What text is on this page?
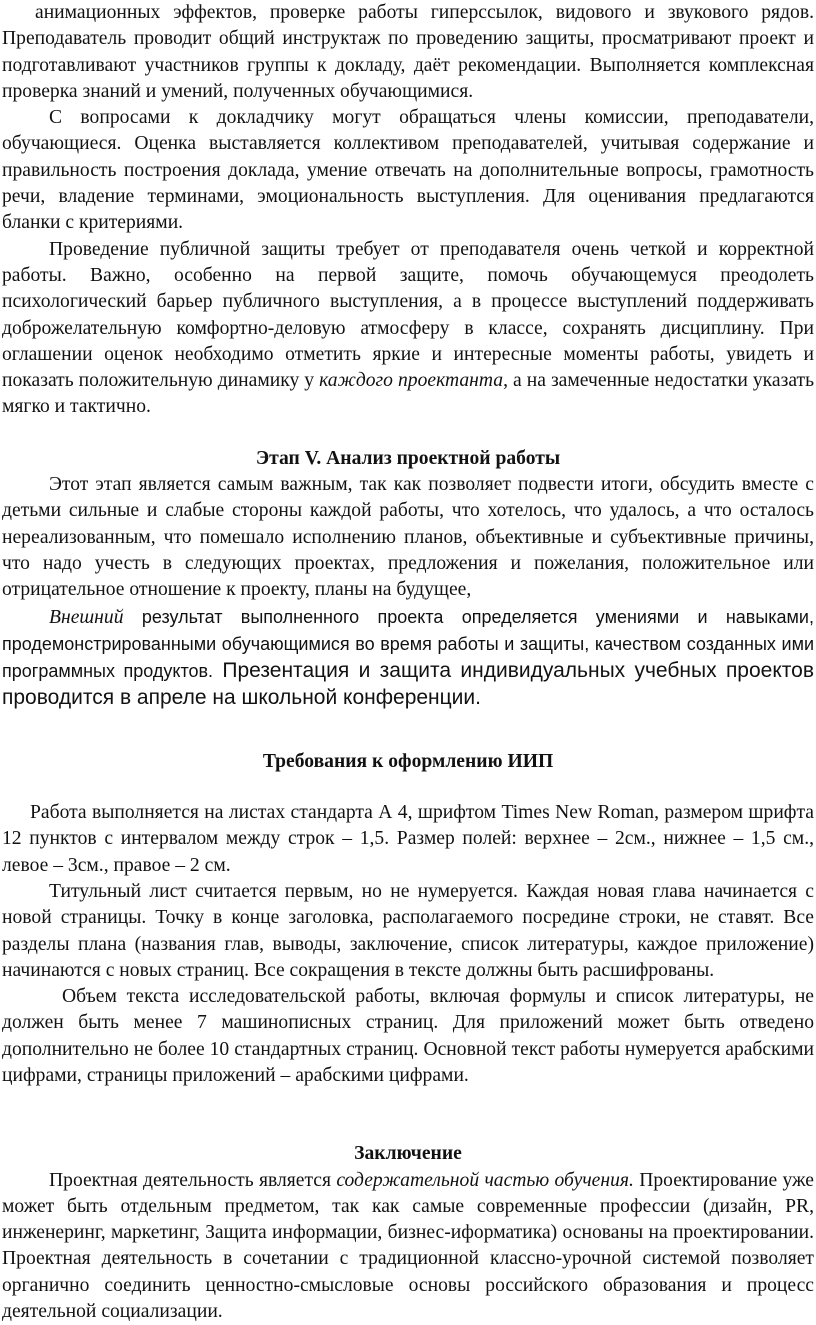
анимационных эффектов, проверке работы гиперссылок, видового и звукового рядов. Преподаватель проводит общий инструктаж по проведению защиты, просматривают проект и подготавливают участников группы к докладу, даёт рекомендации. Выполняется комплексная проверка знаний и умений, полученных обучающимися.

С вопросами к докладчику могут обращаться члены комиссии, преподаватели, обучающиеся. Оценка выставляется коллективом преподавателей, учитывая содержание и правильность построения доклада, умение отвечать на дополнительные вопросы, грамотность речи, владение терминами, эмоциональность выступления. Для оценивания предлагаются бланки с критериями.

Проведение публичной защиты требует от преподавателя очень четкой и корректной работы. Важно, особенно на первой защите, помочь обучающемуся преодолеть психологический барьер публичного выступления, а в процессе выступлений поддерживать доброжелательную комфортно-деловую атмосферу в классе, сохранять дисциплину. При оглашении оценок необходимо отметить яркие и интересные моменты работы, увидеть и показать положительную динамику у каждого проектанта, а на замеченные недостатки указать мягко и тактично.

Этап V. Анализ проектной работы

Этот этап является самым важным, так как позволяет подвести итоги, обсудить вместе с детьми сильные и слабые стороны каждой работы, что хотелось, что удалось, а что осталось нереализованным, что помешало исполнению планов, объективные и субъективные причины, что надо учесть в следующих проектах, предложения и пожелания, положительное или отрицательное отношение к проекту, планы на будущее,

Внешний результат выполненного проекта определяется умениями и навыками, продемонстрированными обучающимися во время работы и защиты, качеством созданных ими программных продуктов. Презентация и защита индивидуальных учебных проектов проводится в апреле на школьной конференции.

Требования к оформлению ИИП

Работа выполняется на листах стандарта А 4, шрифтом Times New Roman, размером шрифта 12 пунктов с интервалом между строк – 1,5. Размер полей: верхнее – 2см., нижнее – 1,5 см., левое – 3см., правое – 2 см.

Титульный лист считается первым, но не нумеруется. Каждая новая глава начинается с новой страницы. Точку в конце заголовка, располагаемого посредине строки, не ставят. Все разделы плана (названия глав, выводы, заключение, список литературы, каждое приложение) начинаются с новых страниц. Все сокращения в тексте должны быть расшифрованы.

Объем текста исследовательской работы, включая формулы и список литературы, не должен быть менее 7 машинописных страниц. Для приложений может быть отведено дополнительно не более 10 стандартных страниц. Основной текст работы нумеруется арабскими цифрами, страницы приложений – арабскими цифрами.

Заключение

Проектная деятельность является содержательной частью обучения. Проектирование уже может быть отдельным предметом, так как самые современные профессии (дизайн, PR, инженеринг, маркетинг, Защита информации, бизнес-иформатика) основаны на проектировании. Проектная деятельность в сочетании с традиционной классно-урочной системой позволяет органично соединить ценностно-смысловые основы российского образования и процесс деятельной социализации.
